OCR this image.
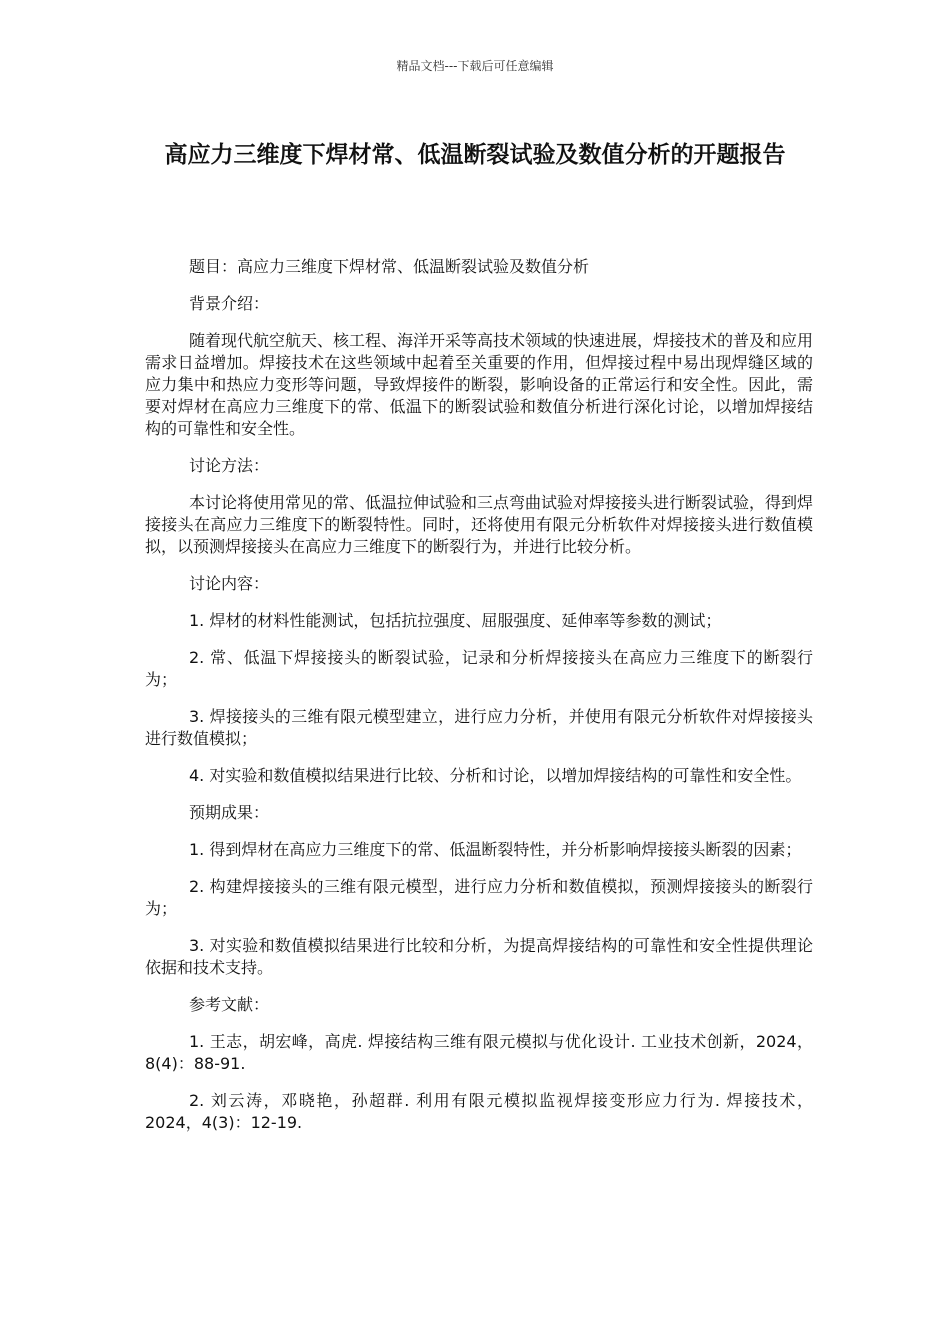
精品文档---下载后可任意编辑
高应力三维度下焊材常、低温断裂试验及数值分析的开题报告

题目：高应力三维度下焊材常、低温断裂试验及数值分析

背景介绍：

随着现代航空航天、核工程、海洋开采等高技术领域的快速进展，焊接技术的普及和应用需求日益增加。焊接技术在这些领域中起着至关重要的作用，但焊接过程中易出现焊缝区域的应力集中和热应力变形等问题，导致焊接件的断裂，影响设备的正常运行和安全性。因此，需要对焊材在高应力三维度下的常、低温下的断裂试验和数值分析进行深化讨论，以增加焊接结构的可靠性和安全性。

讨论方法：

本讨论将使用常见的常、低温拉伸试验和三点弯曲试验对焊接接头进行断裂试验，得到焊接接头在高应力三维度下的断裂特性。同时，还将使用有限元分析软件对焊接接头进行数值模拟，以预测焊接接头在高应力三维度下的断裂行为，并进行比较分析。

讨论内容：

1. 焊材的材料性能测试，包括抗拉强度、屈服强度、延伸率等参数的测试；

2. 常、低温下焊接接头的断裂试验，记录和分析焊接接头在高应力三维度下的断裂行为；

3. 焊接接头的三维有限元模型建立，进行应力分析，并使用有限元分析软件对焊接接头进行数值模拟；

4. 对实验和数值模拟结果进行比较、分析和讨论，以增加焊接结构的可靠性和安全性。

预期成果：

1. 得到焊材在高应力三维度下的常、低温断裂特性，并分析影响焊接接头断裂的因素；

2. 构建焊接接头的三维有限元模型，进行应力分析和数值模拟，预测焊接接头的断裂行为；

3. 对实验和数值模拟结果进行比较和分析，为提高焊接结构的可靠性和安全性提供理论依据和技术支持。

参考文献：

1. 王志，胡宏峰，高虎. 焊接结构三维有限元模拟与优化设计. 工业技术创新，2024，8(4)：88-91.

2. 刘云涛，邓晓艳，孙超群. 利用有限元模拟监视焊接变形应力行为. 焊接技术，2024，4(3)：12-19.
